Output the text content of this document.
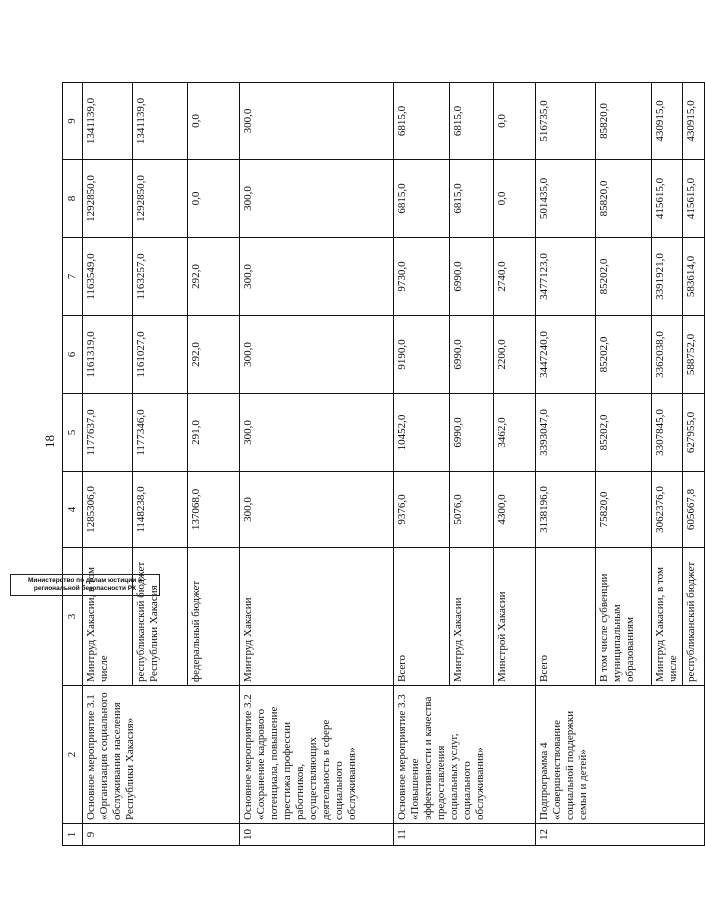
18
1	2	3	4	5	6	7	8	9
9	Основное мероприятие 3.1 «Организация социального обслуживания населения Республики Хакасия»	Минтруд Хакасии, в том числе	1285306,0	1177637,0	1161319,0	1163549,0	1292850,0	1341139,0
		республиканский бюджет Республики Хакасия	1148238,0	1177346,0	1161027,0	1163257,0	1292850,0	1341139,0
		федеральный бюджет	137068,0	291,0	292,0	292,0	0,0	0,0
10	Основное мероприятие 3.2 «Сохранение кадрового потенциала, повышение престижа профессии работников, осуществляющих деятельность в сфере социального обслуживания»	Минтруд Хакасии	300,0	300,0	300,0	300,0	300,0	300,0
11	Основное мероприятие 3.3 «Повышение эффективности и качества предоставления социальных услуг, социального обслуживания»	Всего	9376,0	10452,0	9190,0	9730,0	6815,0	6815,0
		Минтруд Хакасии	5076,0	6990,0	6990,0	6990,0	6815,0	6815,0
		Минстрой Хакасии	4300,0	3462,0	2200,0	2740,0	0,0	0,0
12	Подпрограмма 4 «Совершенствование социальной поддержки семьи и детей»	Всего	3138196,0	3393047,0	3447240,0	3477123,0	501435,0	516735,0
		В том числе субвенции муниципальным образованиям	75820,0	85202,0	85202,0	85202,0	85820,0	85820,0
		Минтруд Хакасии, в том числе	3062376,0	3307845,0	3362038,0	3391921,0	415615,0	430915,0
		республиканский бюджет	605667,8	627955,0	588752,0	583614,0	415615,0	430915,0
Министерство по делам юстиции и региональной безопасности РК
